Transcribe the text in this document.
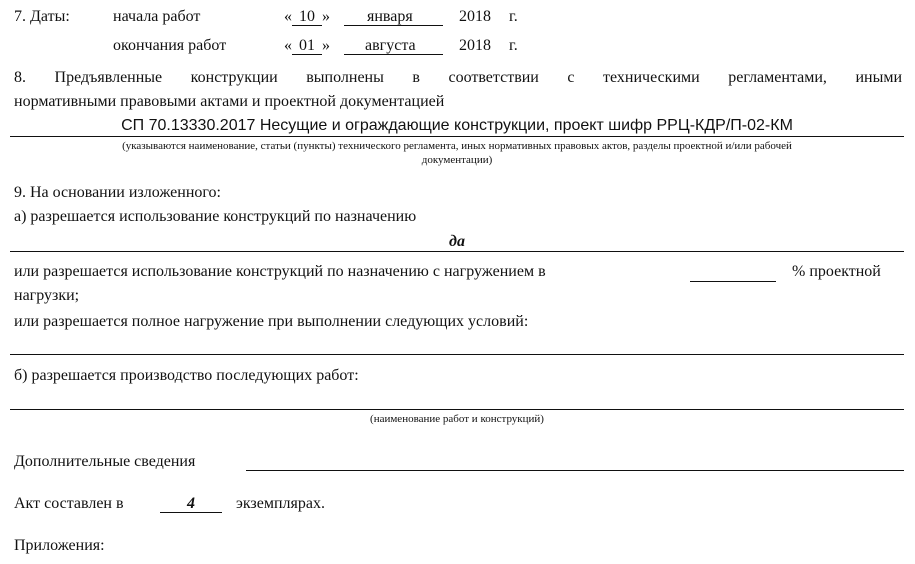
7. Даты:	начала работ	« 10 » января	2018 г.
окончания работ	« 01 » августа	2018 г.
8. Предъявленные конструкции выполнены в соответствии с техническими регламентами, иными
нормативными правовыми актами и проектной документацией
СП 70.13330.2017 Несущие и ограждающие конструкции, проект шифр РРЦ-КДР/П-02-КМ
(указываются наименование, статьи (пункты) технического регламента, иных нормативных правовых актов, разделы проектной и/или рабочей
документации)
9. На основании изложенного:
а) разрешается использование конструкций по назначению
да
или разрешается использование конструкций по назначению с нагружением в	% проектной
нагрузки;
или разрешается полное нагружение при выполнении следующих условий:
б) разрешается производство последующих работ:
(наименование работ и конструкций)
Дополнительные сведения
Акт составлен в	4	экземплярах.
Приложения:
